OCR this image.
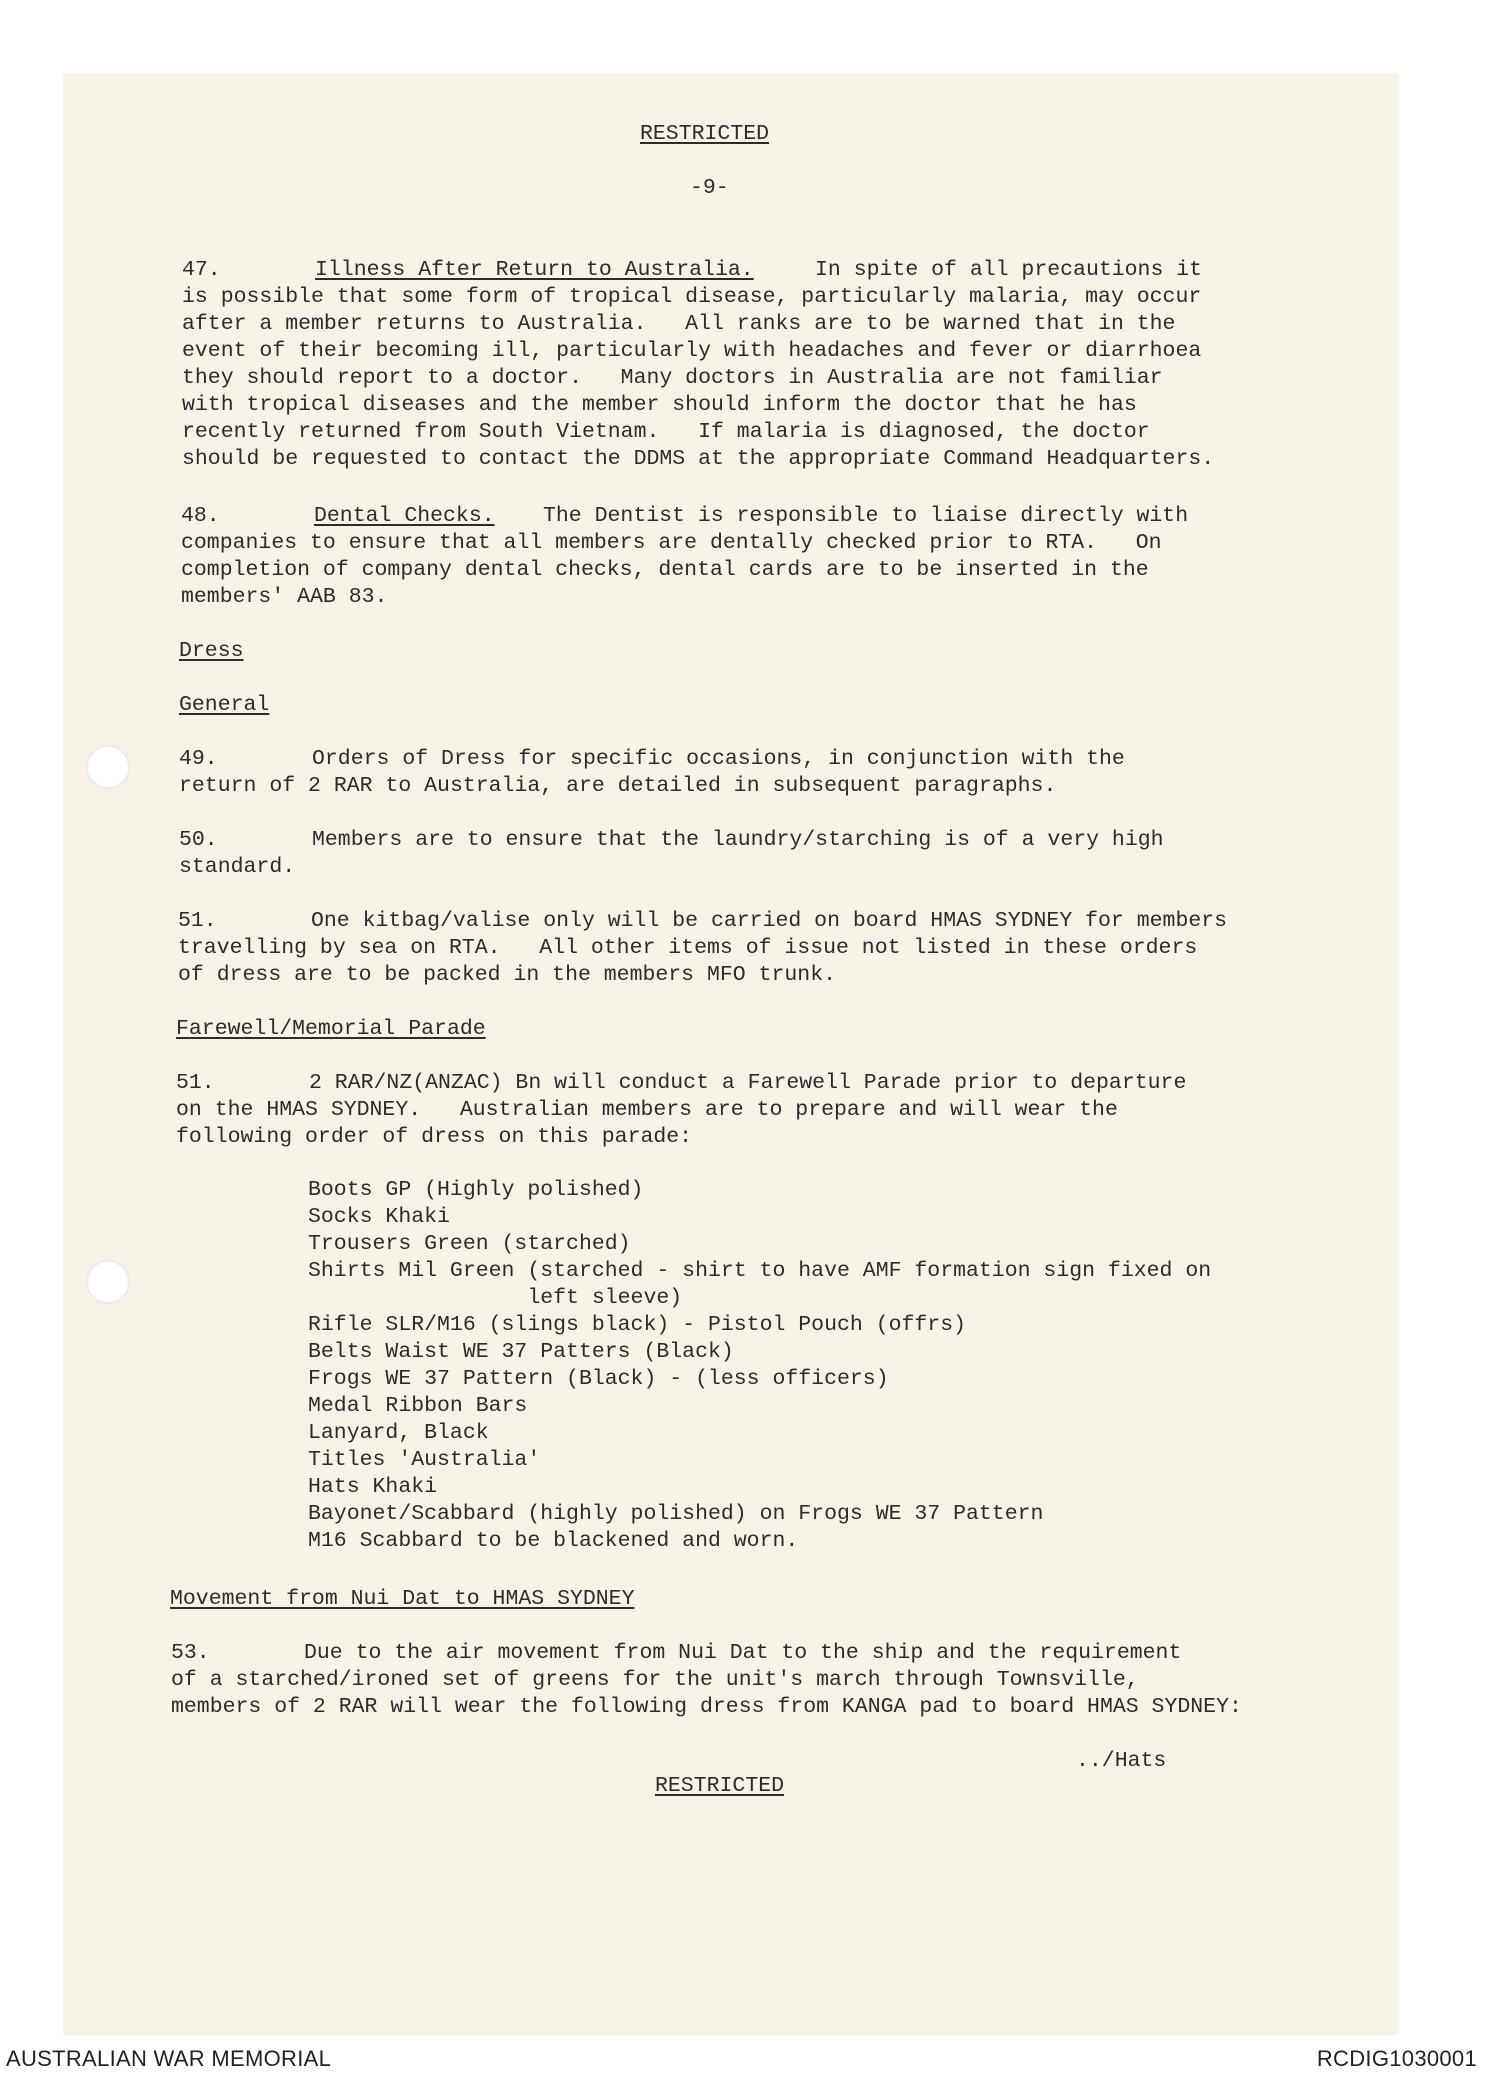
RESTRICTED
-9-
47.	Illness After Return to Australia.	In spite of all precautions it
is possible that some form of tropical disease, particularly malaria, may occur
after a member returns to Australia.   All ranks are to be warned that in the
event of their becoming ill, particularly with headaches and fever or diarrhoea
they should report to a doctor.   Many doctors in Australia are not familiar
with tropical diseases and the member should inform the doctor that he has
recently returned from South Vietnam.   If malaria is diagnosed, the doctor
should be requested to contact the DDMS at the appropriate Command Headquarters.
48.	Dental Checks. The Dentist is responsible to liaise directly with
companies to ensure that all members are dentally checked prior to RTA.   On
completion of company dental checks, dental cards are to be inserted in the
members' AAB 83.
Dress
General
49.	Orders of Dress for specific occasions, in conjunction with the
return of 2 RAR to Australia, are detailed in subsequent paragraphs.
50.	Members are to ensure that the laundry/starching is of a very high
standard.
51.	One kitbag/valise only will be carried on board HMAS SYDNEY for members
travelling by sea on RTA.   All other items of issue not listed in these orders
of dress are to be packed in the members MFO trunk.
Farewell/Memorial Parade
51.	2 RAR/NZ(ANZAC) Bn will conduct a Farewell Parade prior to departure
on the HMAS SYDNEY.   Australian members are to prepare and will wear the
following order of dress on this parade:
Boots GP (Highly polished)
Socks Khaki
Trousers Green (starched)
Shirts Mil Green (starched - shirt to have AMF formation sign fixed on
left sleeve)
Rifle SLR/M16 (slings black) - Pistol Pouch (offrs)
Belts Waist WE 37 Patters (Black)
Frogs WE 37 Pattern (Black) - (less officers)
Medal Ribbon Bars
Lanyard, Black
Titles 'Australia'
Hats Khaki
Bayonet/Scabbard (highly polished) on Frogs WE 37 Pattern
M16 Scabbard to be blackened and worn.
Movement from Nui Dat to HMAS SYDNEY
53.	Due to the air movement from Nui Dat to the ship and the requirement
of a starched/ironed set of greens for the unit's march through Townsville,
members of 2 RAR will wear the following dress from KANGA pad to board HMAS SYDNEY:
../Hats
RESTRICTED
AUSTRALIAN WAR MEMORIAL	RCDIG1030001
